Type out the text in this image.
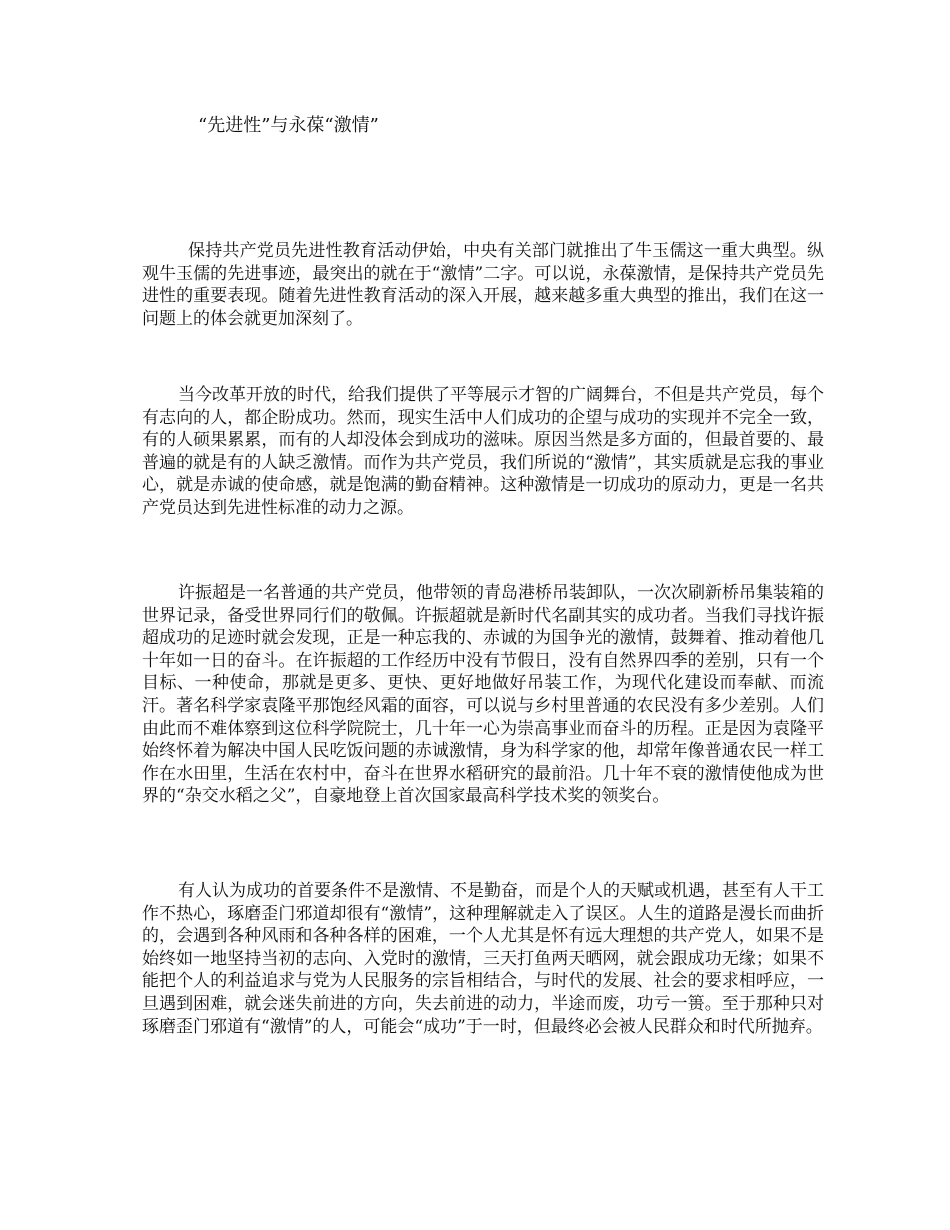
“先进性”与永葆“激情”

保持共产党员先进性教育活动伊始，中央有关部门就推出了牛玉儒这一重大典型。纵观牛玉儒的先进事迹，最突出的就在于“激情”二字。可以说，永葆激情，是保持共产党员先进性的重要表现。随着先进性教育活动的深入开展，越来越多重大典型的推出，我们在这一问题上的体会就更加深刻了。

当今改革开放的时代，给我们提供了平等展示才智的广阔舞台，不但是共产党员，每个有志向的人，都企盼成功。然而，现实生活中人们成功的企望与成功的实现并不完全一致，有的人硕果累累，而有的人却没体会到成功的滋味。原因当然是多方面的，但最首要的、最普遍的就是有的人缺乏激情。而作为共产党员，我们所说的“激情”，其实质就是忘我的事业心，就是赤诚的使命感，就是饱满的勤奋精神。这种激情是一切成功的原动力，更是一名共产党员达到先进性标准的动力之源。

许振超是一名普通的共产党员，他带领的青岛港桥吊装卸队，一次次刷新桥吊集装箱的世界记录，备受世界同行们的敬佩。许振超就是新时代名副其实的成功者。当我们寻找许振超成功的足迹时就会发现，正是一种忘我的、赤诚的为国争光的激情，鼓舞着、推动着他几十年如一日的奋斗。在许振超的工作经历中没有节假日，没有自然界四季的差别，只有一个目标、一种使命，那就是更多、更快、更好地做好吊装工作，为现代化建设而奉献、而流汗。著名科学家袁隆平那饱经风霜的面容，可以说与乡村里普通的农民没有多少差别。人们由此而不难体察到这位科学院院士，几十年一心为崇高事业而奋斗的历程。正是因为袁隆平始终怀着为解决中国人民吃饭问题的赤诚激情，身为科学家的他，却常年像普通农民一样工作在水田里，生活在农村中，奋斗在世界水稻研究的最前沿。几十年不衰的激情使他成为世界的“杂交水稻之父”，自豪地登上首次国家最高科学技术奖的领奖台。

有人认为成功的首要条件不是激情、不是勤奋，而是个人的天赋或机遇，甚至有人干工作不热心，琢磨歪门邪道却很有“激情”，这种理解就走入了误区。人生的道路是漫长而曲折的，会遇到各种风雨和各种各样的困难，一个人尤其是怀有远大理想的共产党人，如果不是始终如一地坚持当初的志向、入党时的激情，三天打鱼两天晒网，就会跟成功无缘；如果不能把个人的利益追求与党为人民服务的宗旨相结合，与时代的发展、社会的要求相呼应，一旦遇到困难，就会迷失前进的方向，失去前进的动力，半途而废，功亏一篑。至于那种只对琢磨歪门邪道有“激情”的人，可能会“成功”于一时，但最终必会被人民群众和时代所抛弃。
